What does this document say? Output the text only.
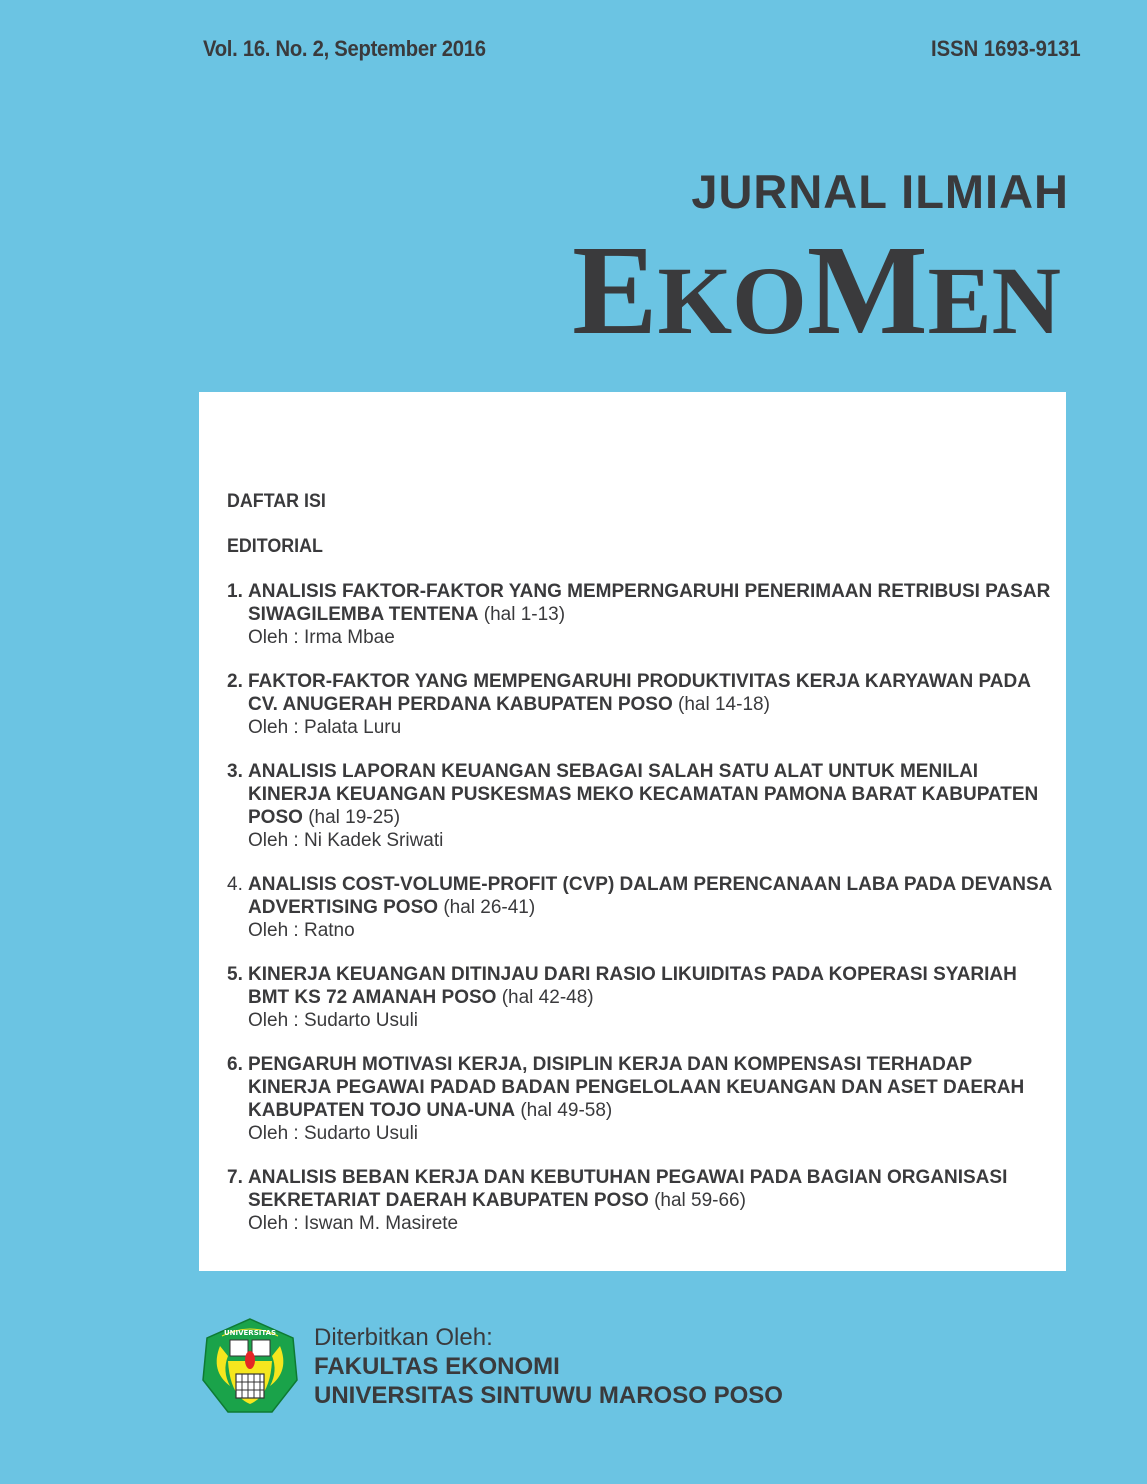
Vol. 16. No. 2, September 2016	ISSN 1693-9131
JURNAL ILMIAH
EKOMEN
DAFTAR ISI
EDITORIAL
1. ANALISIS FAKTOR-FAKTOR YANG MEMPERNGARUHI PENERIMAAN RETRIBUSI PASAR SIWAGILEMBA TENTENA (hal 1-13)
Oleh : Irma Mbae
2. FAKTOR-FAKTOR YANG MEMPENGARUHI PRODUKTIVITAS KERJA KARYAWAN PADA CV. ANUGERAH PERDANA KABUPATEN POSO (hal 14-18)
Oleh : Palata Luru
3. ANALISIS LAPORAN KEUANGAN SEBAGAI SALAH SATU ALAT UNTUK MENILAI KINERJA KEUANGAN PUSKESMAS MEKO KECAMATAN PAMONA BARAT KABUPATEN POSO (hal 19-25)
Oleh : Ni Kadek Sriwati
4. ANALISIS COST-VOLUME-PROFIT (CVP) DALAM PERENCANAAN LABA PADA DEVANSA ADVERTISING POSO (hal 26-41)
Oleh : Ratno
5. KINERJA KEUANGAN DITINJAU DARI RASIO LIKUIDITAS PADA KOPERASI SYARIAH BMT KS 72 AMANAH POSO (hal 42-48)
Oleh : Sudarto Usuli
6. PENGARUH MOTIVASI KERJA, DISIPLIN KERJA DAN KOMPENSASI TERHADAP KINERJA PEGAWAI PADAD BADAN PENGELOLAAN KEUANGAN DAN ASET DAERAH KABUPATEN TOJO UNA-UNA (hal 49-58)
Oleh : Sudarto Usuli
7. ANALISIS BEBAN KERJA DAN KEBUTUHAN PEGAWAI PADA BAGIAN ORGANISASI SEKRETARIAT DAERAH KABUPATEN POSO (hal 59-66)
Oleh : Iswan M. Masirete
UNIVERSITAS Diterbitkan Oleh:
FAKULTAS EKONOMI
UNIVERSITAS SINTUWU MAROSO POSO
